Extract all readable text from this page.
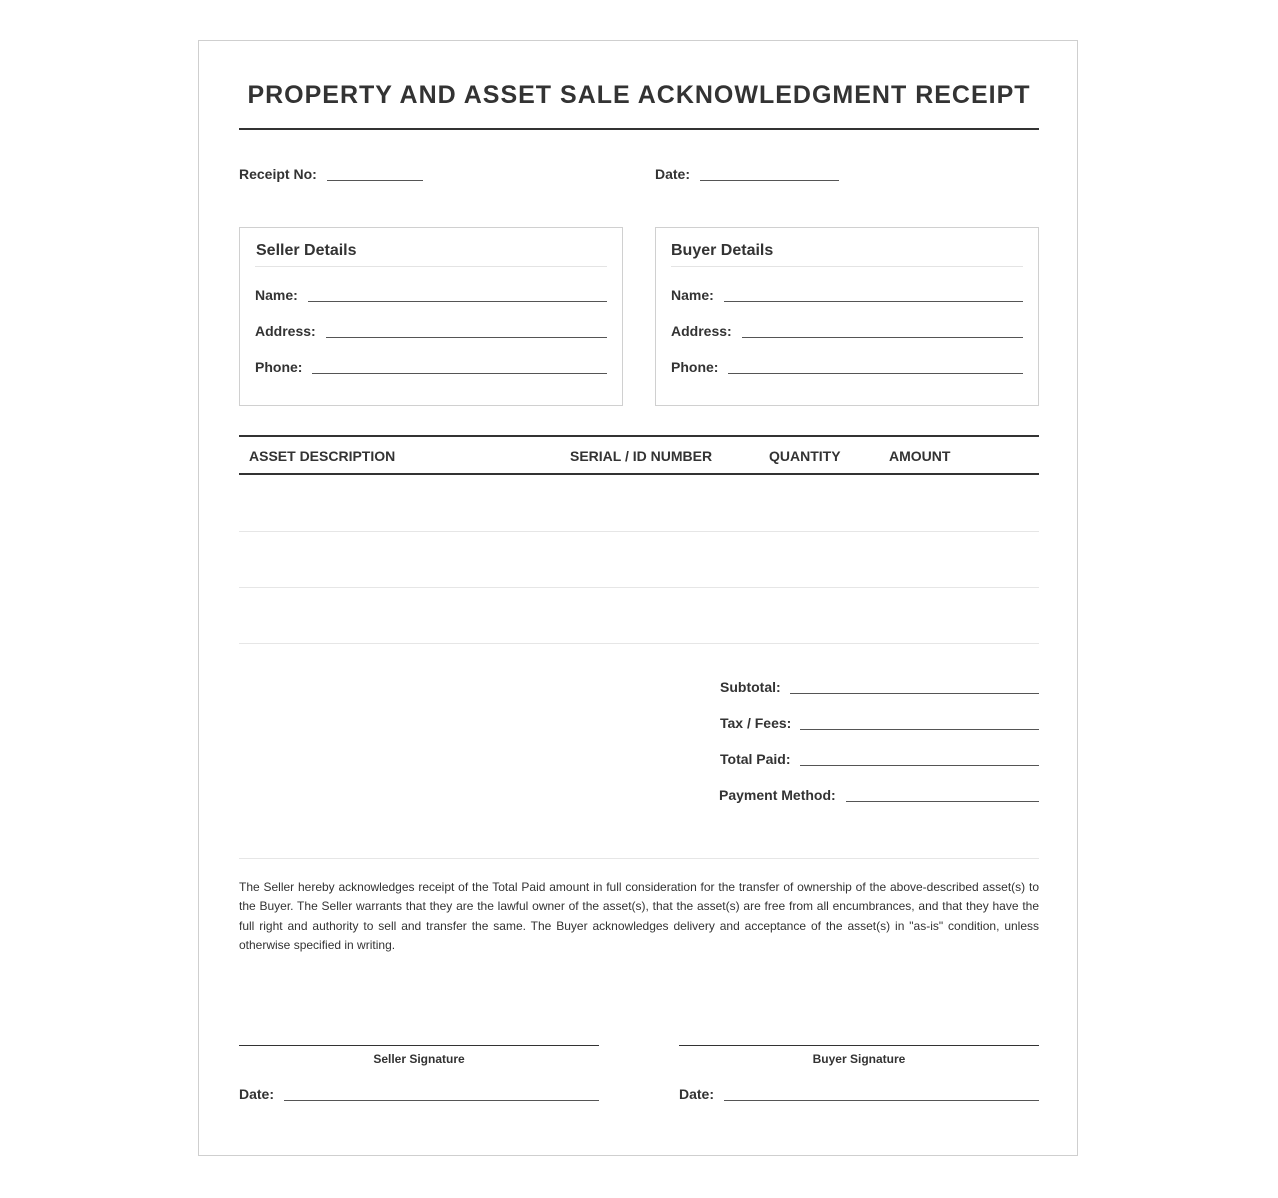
PROPERTY AND ASSET SALE ACKNOWLEDGMENT RECEIPT
Receipt No:	Date:
Seller Details
Name:
Address:
Phone:
Buyer Details
Name:
Address:
Phone:
ASSET DESCRIPTION	SERIAL / ID NUMBER	QUANTITY	AMOUNT
Subtotal:
Tax / Fees:
Total Paid:
Payment Method:
The Seller hereby acknowledges receipt of the Total Paid amount in full consideration for the transfer of ownership of the above-described asset(s) to the Buyer. The Seller warrants that they are the lawful owner of the asset(s), that the asset(s) are free from all encumbrances, and that they have the full right and authority to sell and transfer the same. The Buyer acknowledges delivery and acceptance of the asset(s) in "as-is" condition, unless otherwise specified in writing.
Seller Signature	Buyer Signature
Date:	Date:
